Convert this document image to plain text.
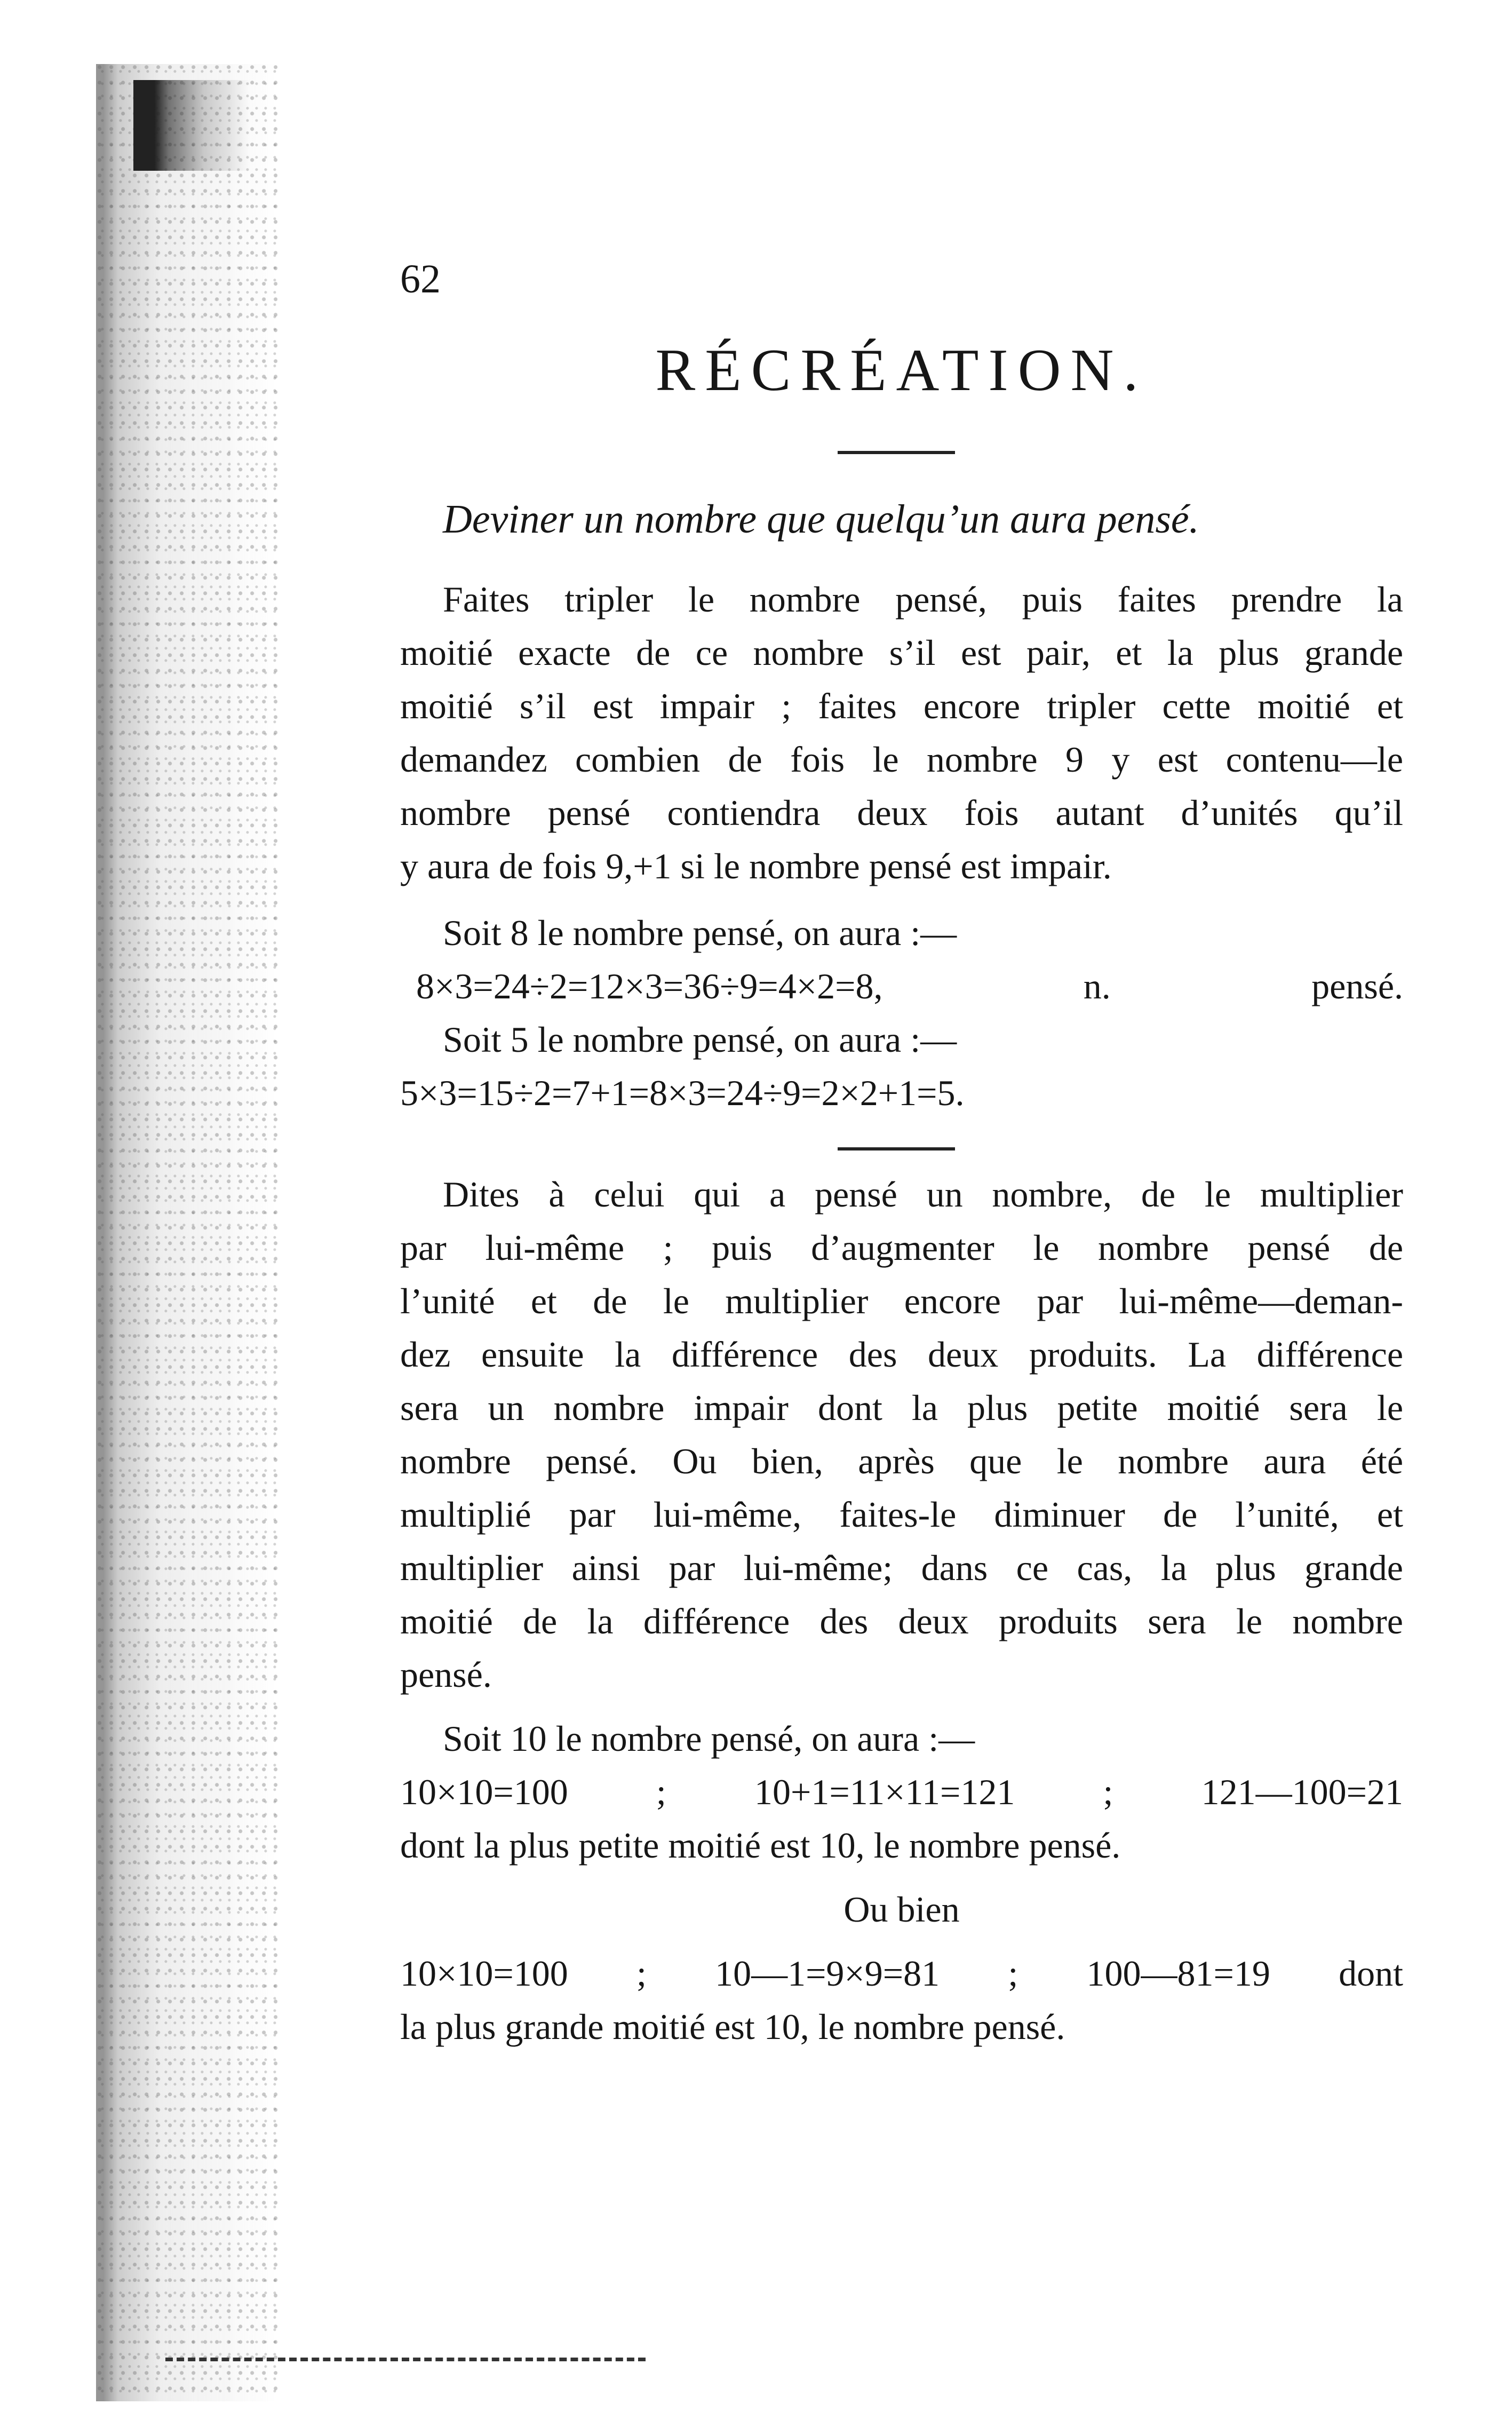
62
RÉCRÉATION.
Deviner un nombre que quelqu’un aura pensé.
Faites tripler le nombre pensé, puis faites prendre la
moitié exacte de ce nombre s’il est pair, et la plus grande
moitié s’il est impair ; faites encore tripler cette moitié et
demandez combien de fois le nombre 9 y est contenu—le
nombre pensé contiendra deux fois autant d’unités qu’il
y aura de fois 9,+1 si le nombre pensé est impair.
Soit 8 le nombre pensé, on aura :—
8×3=24÷2=12×3=36÷9=4×2=8, n. pensé.
Soit 5 le nombre pensé, on aura :—
5×3=15÷2=7+1=8×3=24÷9=2×2+1=5.
Dites à celui qui a pensé un nombre, de le multiplier
par lui-même ; puis d’augmenter le nombre pensé de
l’unité et de le multiplier encore par lui-même—deman-
dez ensuite la différence des deux produits. La différence
sera un nombre impair dont la plus petite moitié sera le
nombre pensé. Ou bien, après que le nombre aura été
multiplié par lui-même, faites-le diminuer de l’unité, et
multiplier ainsi par lui-même; dans ce cas, la plus grande
moitié de la différence des deux produits sera le nombre
pensé.
Soit 10 le nombre pensé, on aura :—
10×10=100 ; 10+1=11×11=121 ; 121—100=21
dont la plus petite moitié est 10, le nombre pensé.
Ou bien
10×10=100 ; 10—1=9×9=81 ; 100—81=19 dont
la plus grande moitié est 10, le nombre pensé.
